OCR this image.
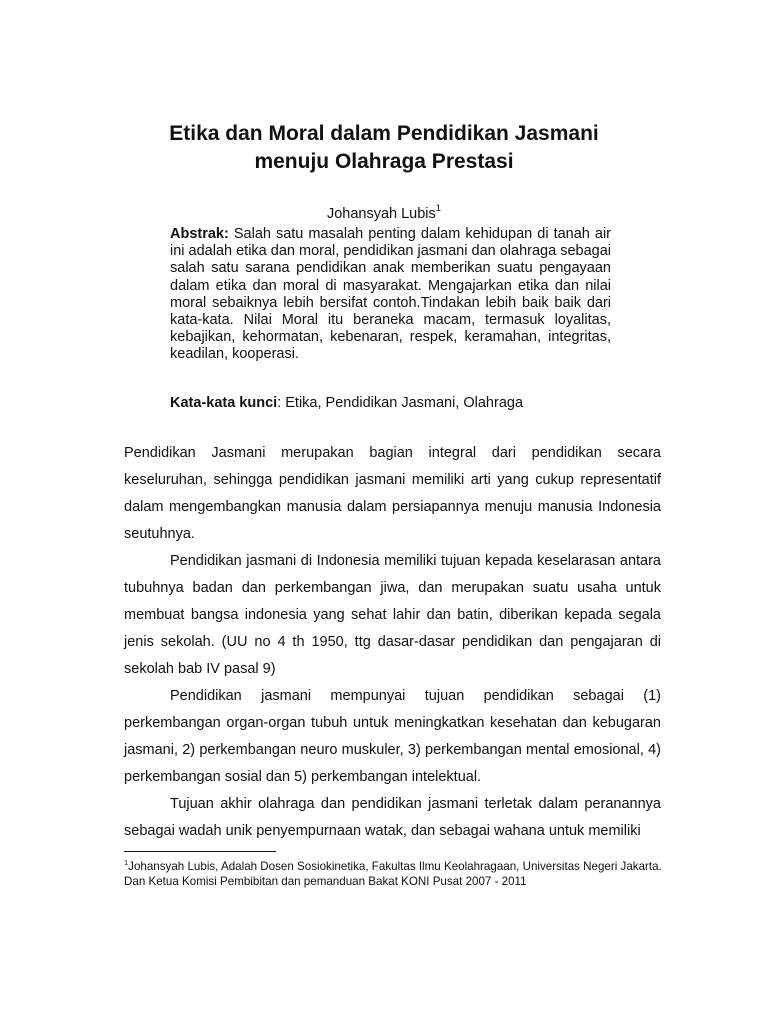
Etika dan Moral dalam Pendidikan Jasmani
menuju Olahraga Prestasi
Johansyah Lubis$^1$
Abstrak: Salah satu masalah penting dalam kehidupan di tanah air ini adalah etika dan moral, pendidikan jasmani dan olahraga sebagai salah satu sarana pendidikan anak memberikan suatu pengayaan dalam etika dan moral di masyarakat. Mengajarkan etika dan nilai moral sebaiknya lebih bersifat contoh.Tindakan lebih baik baik dari kata-kata. Nilai Moral itu beraneka macam, termasuk loyalitas, kebajikan, kehormatan, kebenaran, respek, keramahan, integritas, keadilan, kooperasi.
Kata-kata kunci: Etika, Pendidikan Jasmani, Olahraga

Pendidikan Jasmani merupakan bagian integral dari pendidikan secara keseluruhan, sehingga pendidikan jasmani memiliki arti yang cukup representatif dalam mengembangkan manusia dalam persiapannya menuju manusia Indonesia seutuhnya.

Pendidikan jasmani di Indonesia memiliki tujuan kepada keselarasan antara tubuhnya badan dan perkembangan jiwa, dan merupakan suatu usaha untuk membuat bangsa indonesia yang sehat lahir dan batin, diberikan kepada segala jenis sekolah. (UU no 4 th 1950, ttg dasar-dasar pendidikan dan pengajaran di sekolah bab IV pasal 9)

Pendidikan jasmani mempunyai tujuan pendidikan sebagai (1) perkembangan organ-organ tubuh untuk meningkatkan kesehatan dan kebugaran jasmani, 2) perkembangan neuro muskuler, 3) perkembangan mental emosional, 4) perkembangan sosial dan 5) perkembangan intelektual.

Tujuan akhir olahraga dan pendidikan jasmani terletak dalam peranannya sebagai wadah unik penyempurnaan watak, dan sebagai wahana untuk memiliki

$^1$Johansyah Lubis, Adalah Dosen Sosiokinetika, Fakultas Ilmu Keolahragaan, Universitas Negeri Jakarta. Dan Ketua Komisi Pembibitan dan pemanduan Bakat KONI Pusat 2007 - 2011
